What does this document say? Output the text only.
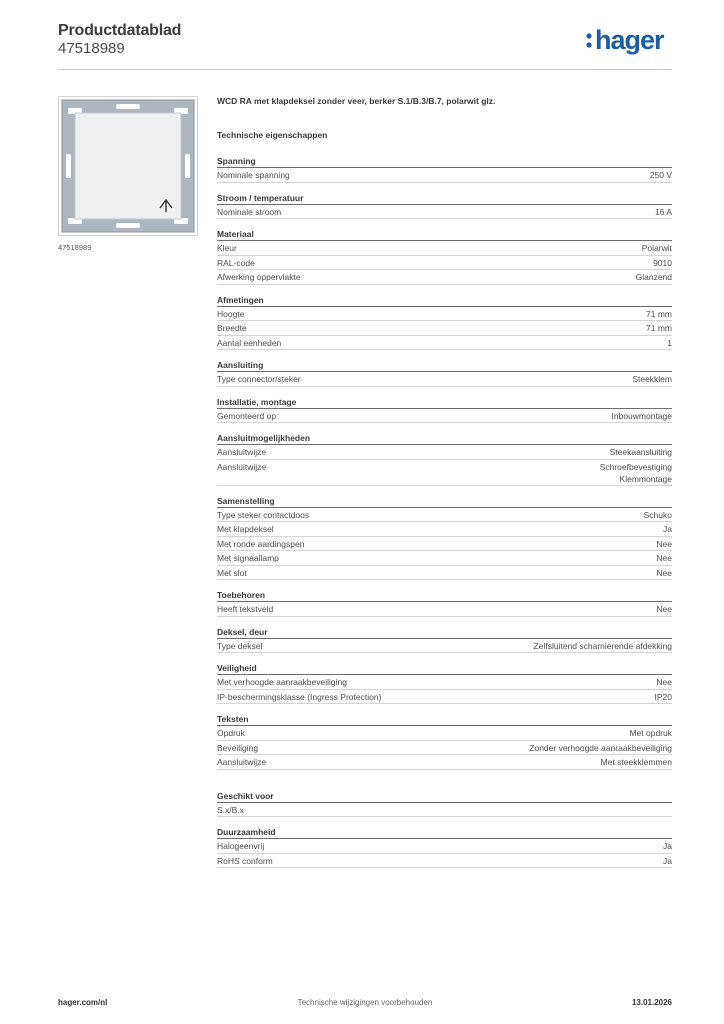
Productdatablad
47518989	hager
47518989
WCD RA met klapdeksel zonder veer, berker S.1/B.3/B.7, polarwit glz.
Technische eigenschappen
Spanning
Nominale spanning	250 V
Stroom / temperatuur
Nominale stroom	16 A
Materiaal
Kleur	Polarwit
RAL-code	9010
Afwerking oppervlakte	Glanzend
Afmetingen
Hoogte	71 mm
Breedte	71 mm
Aantal eenheden	1
Aansluiting
Type connector/steker	Steekklem
Installatie, montage
Gemonteerd op	Inbouwmontage
Aansluitmogelijkheden
Aansluitwijze	Steekaansluiting
Aansluitwijze	Schroefbevestiging
Klemmontage
Samenstelling
Type steker contactdoos	Schuko
Met klapdeksel	Ja
Met ronde aardingspen	Nee
Met signaallamp	Nee
Met slot	Nee
Toebehoren
Heeft tekstveld	Nee
Deksel, deur
Type deksel	Zelfsluitend scharnierende afdekking
Veiligheid
Met verhoogde aanraakbeveiliging	Nee
IP-beschermingsklasse (Ingress Protection)	IP20
Teksten
Opdruk	Met opdruk
Beveiliging	Zonder verhoogde aanraakbeveiliging
Aansluitwijze	Met steekklemmen
Geschikt voor
S.x/B.x
Duurzaamheid
Halogeenvrij	Ja
RoHS conform	Ja
hager.com/nl	Technische wijzigingen voorbehouden	13.01.2026
